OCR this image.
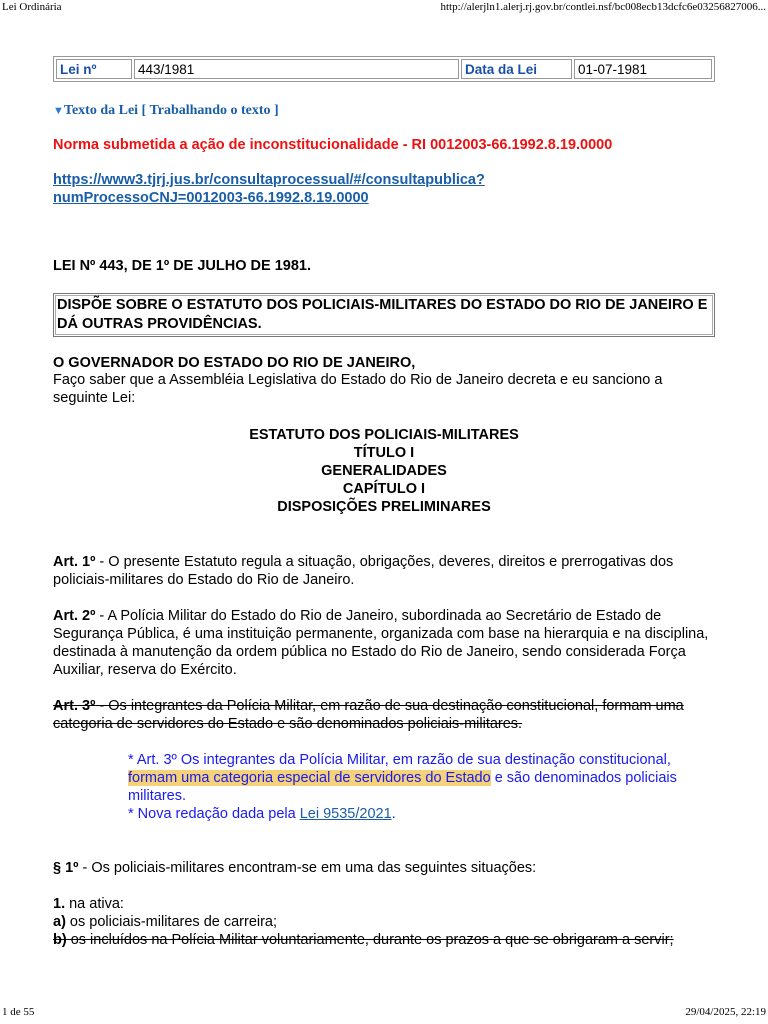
Lei Ordinária	http://alerjln1.alerj.rj.gov.br/contlei.nsf/bc008ecb13dcfc6e03256827006...
Lei nº	443/1981	Data da Lei	01-07-1981
▼Texto da Lei [ Trabalhando o texto ]
Norma submetida a ação de inconstitucionalidade - RI 0012003-66.1992.8.19.0000
https://www3.tjrj.jus.br/consultaprocessual/#/consultapublica?numProcessoCNJ=0012003-66.1992.8.19.0000
LEI Nº 443, DE 1º DE JULHO DE 1981.
DISPÕE SOBRE O ESTATUTO DOS POLICIAIS-MILITARES DO ESTADO DO RIO DE JANEIRO E DÁ OUTRAS PROVIDÊNCIAS.
O GOVERNADOR DO ESTADO DO RIO DE JANEIRO,
Faço saber que a Assembléia Legislativa do Estado do Rio de Janeiro decreta e eu sanciono a seguinte Lei:
ESTATUTO DOS POLICIAIS-MILITARES
TÍTULO I
GENERALIDADES
CAPÍTULO I
DISPOSIÇÕES PRELIMINARES
Art. 1º - O presente Estatuto regula a situação, obrigações, deveres, direitos e prerrogativas dos policiais-militares do Estado do Rio de Janeiro.
Art. 2º - A Polícia Militar do Estado do Rio de Janeiro, subordinada ao Secretário de Estado de Segurança Pública, é uma instituição permanente, organizada com base na hierarquia e na disciplina, destinada à manutenção da ordem pública no Estado do Rio de Janeiro, sendo considerada Força Auxiliar, reserva do Exército.
Art. 3º - Os integrantes da Polícia Militar, em razão de sua destinação constitucional, formam uma categoria de servidores do Estado e são denominados policiais-militares.
* Art. 3º Os integrantes da Polícia Militar, em razão de sua destinação constitucional, formam uma categoria especial de servidores do Estado e são denominados policiais militares.
* Nova redação dada pela Lei 9535/2021.
§ 1º - Os policiais-militares encontram-se em uma das seguintes situações:
1. na ativa:
a) os policiais-militares de carreira;
b) os incluídos na Polícia Militar voluntariamente, durante os prazos a que se obrigaram a servir;
1 de 55	29/04/2025, 22:19
